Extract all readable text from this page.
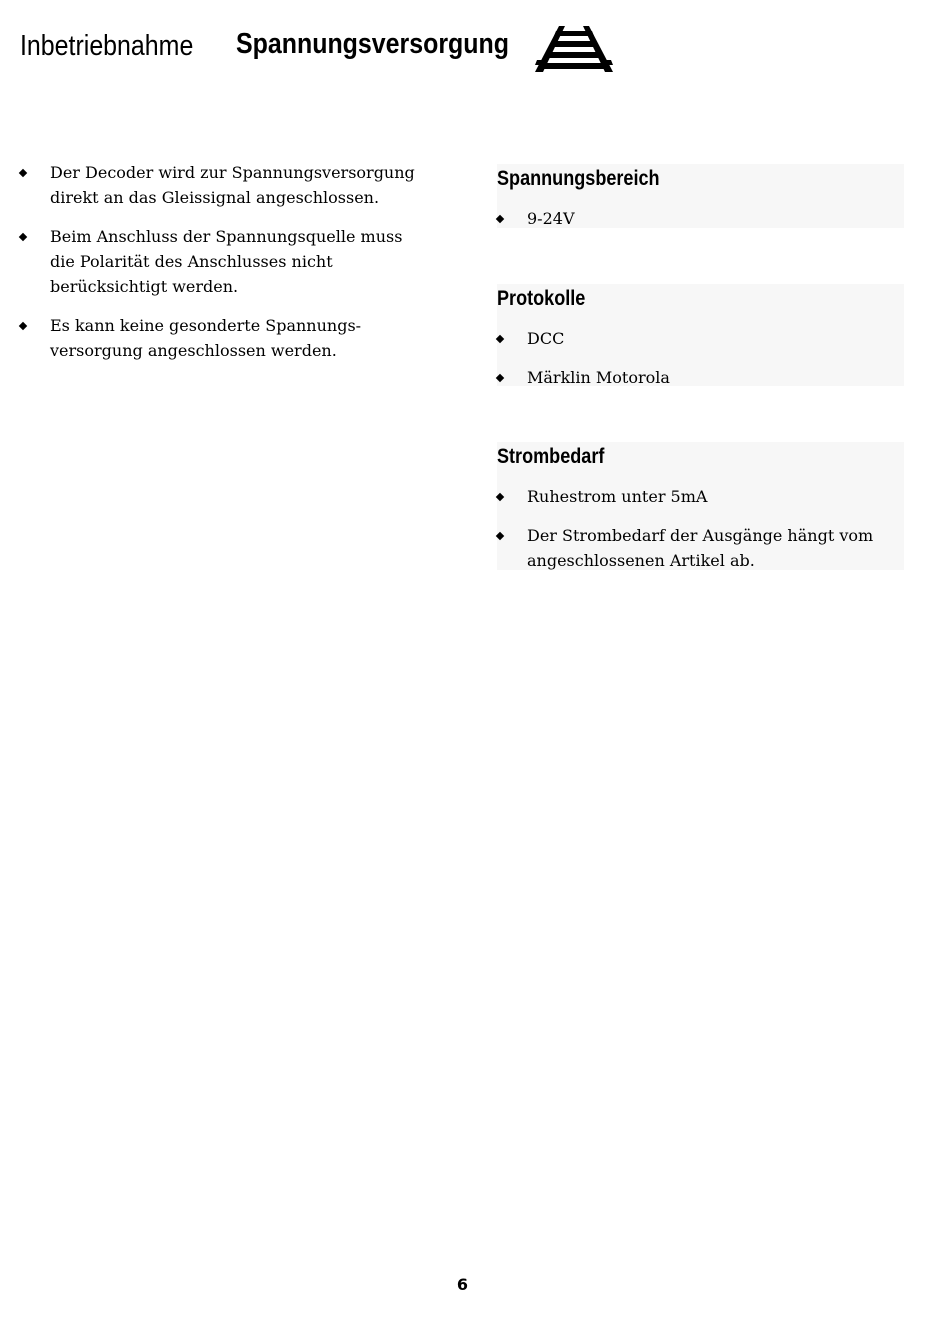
Inbetriebnahme Spannungsversorgung
Der Decoder wird zur Spannungsversorgung direkt an das Gleissignal angeschlossen.
Beim Anschluss der Spannungsquelle muss die Polarität des Anschlusses nicht berücksichtigt werden.
Es kann keine gesonderte Spannungs-versorgung angeschlossen werden.
Spannungsbereich
9-24V
Protokolle
DCC
Märklin Motorola
Strombedarf
Ruhestrom unter 5mA
Der Strombedarf der Ausgänge hängt vom angeschlossenen Artikel ab.
6
